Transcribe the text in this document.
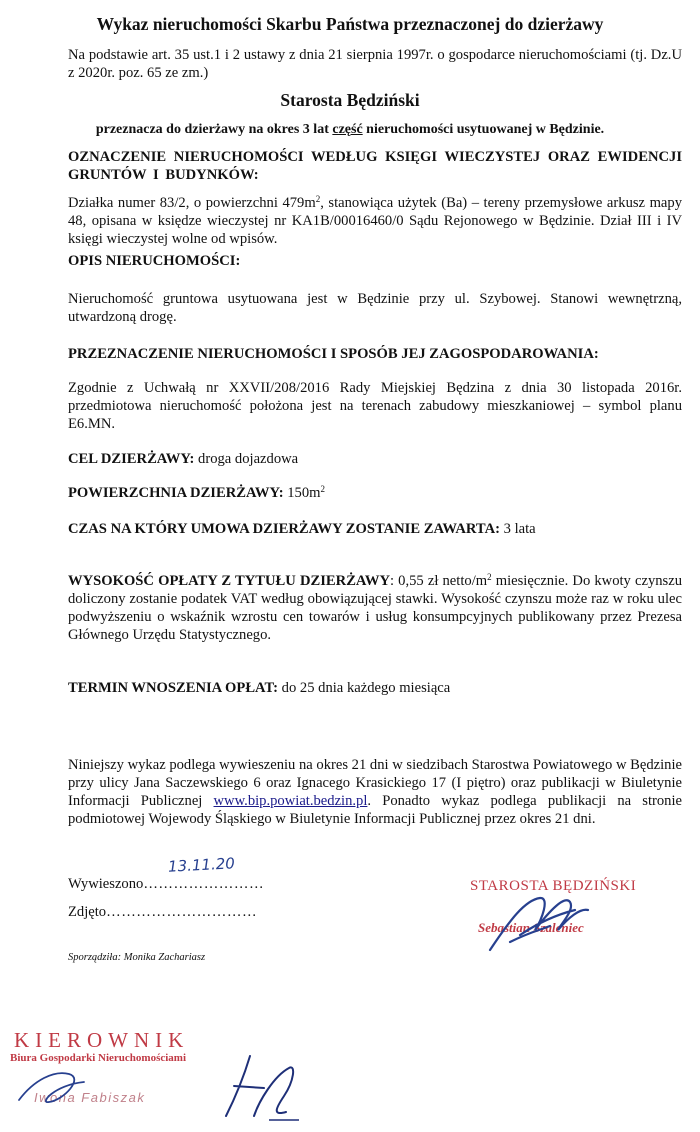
Wykaz nieruchomości Skarbu Państwa przeznaczonej do dzierżawy
Na podstawie art. 35 ust.1 i 2 ustawy z dnia 21 sierpnia 1997r. o gospodarce nieruchomościami (tj. Dz.U z 2020r. poz. 65 ze zm.)
Starosta Będziński
przeznacza do dzierżawy na okres 3 lat część nieruchomości usytuowanej w Będzinie.
OZNACZENIE NIERUCHOMOŚCI WEDŁUG KSIĘGI WIECZYSTEJ ORAZ EWIDENCJI GRUNTÓW I BUDYNKÓW:
Działka numer 83/2, o powierzchni $479m^2$, stanowiąca użytek (Ba) – tereny przemysłowe arkusz mapy 48, opisana w księdze wieczystej nr KA1B/00016460/0 Sądu Rejonowego w Będzinie. Dział III i IV księgi wieczystej wolne od wpisów.
OPIS NIERUCHOMOŚCI:
Nieruchomość gruntowa usytuowana jest w Będzinie przy ul. Szybowej. Stanowi wewnętrzną, utwardzoną drogę.
PRZEZNACZENIE NIERUCHOMOŚCI I SPOSÓB JEJ ZAGOSPODAROWANIA:
Zgodnie z Uchwałą nr XXVII/208/2016 Rady Miejskiej Będzina z dnia 30 listopada 2016r. przedmiotowa nieruchomość położona jest na terenach zabudowy mieszkaniowej – symbol planu E6.MN.
CEL DZIERŻAWY: droga dojazdowa
POWIERZCHNIA DZIERŻAWY: $150m^2$
CZAS NA KTÓRY UMOWA DZIERŻAWY ZOSTANIE ZAWARTA: 3 lata
WYSOKOŚĆ OPŁATY Z TYTUŁU DZIERŻAWY: 0,55 zł netto/$m^2$ miesięcznie. Do kwoty czynszu doliczony zostanie podatek VAT według obowiązującej stawki. Wysokość czynszu może raz w roku ulec podwyższeniu o wskaźnik wzrostu cen towarów i usług konsumpcyjnych publikowany przez Prezesa Głównego Urzędu Statystycznego.
TERMIN WNOSZENIA OPŁAT: do 25 dnia każdego miesiąca
Niniejszy wykaz podlega wywieszeniu na okres 21 dni w siedzibach Starostwa Powiatowego w Będzinie przy ulicy Jana Saczewskiego 6 oraz Ignacego Krasickiego 17 (I piętro) oraz publikacji w Biuletynie Informacji Publicznej www.bip.powiat.bedzin.pl. Ponadto wykaz podlega publikacji na stronie podmiotowej Wojewody Śląskiego w Biuletynie Informacji Publicznej przez okres 21 dni.
Wywieszono……………………
13.11.20
Zdjęto…………………………
Sporządziła: Monika Zachariasz
STAROSTA BĘDZIŃSKI
Sebastian Szaleniec
KIEROWNIK
Biura Gospodarki Nieruchomościami
Iwona Fabiszak
